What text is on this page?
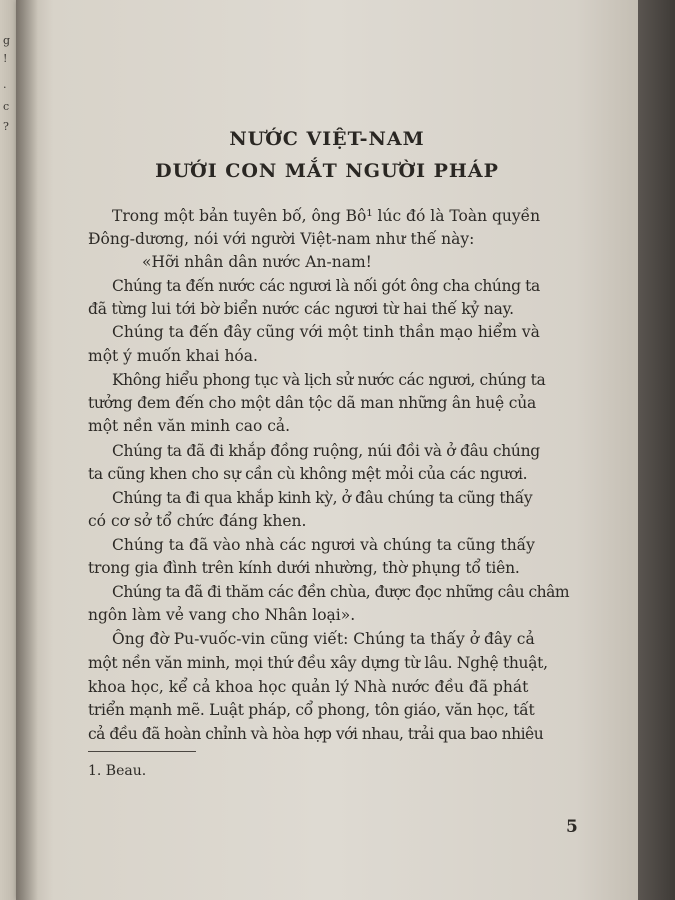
g
!
.
c
?
NƯỚC VIỆT-NAM
DƯỚI CON MẮT NGƯỜI PHÁP
Trong một bản tuyên bố, ông Bô¹ lúc đó là Toàn quyền
Đông-dương, nói với người Việt-nam như thế này:
«Hỡi nhân dân nước An-nam!
Chúng ta đến nước các ngươi là nối gót ông cha chúng ta
đã từng lui tới bờ biển nước các ngươi từ hai thế kỷ nay.
Chúng ta đến đây cũng với một tinh thần mạo hiểm và
một ý muốn khai hóa.
Không hiểu phong tục và lịch sử nước các ngươi, chúng ta
tưởng đem đến cho một dân tộc dã man những ân huệ của
một nền văn minh cao cả.
Chúng ta đã đi khắp đồng ruộng, núi đồi và ở đâu chúng
ta cũng khen cho sự cần cù không mệt mỏi của các ngươi.
Chúng ta đi qua khắp kinh kỳ, ở đâu chúng ta cũng thấy
có cơ sở tổ chức đáng khen.
Chúng ta đã vào nhà các ngươi và chúng ta cũng thấy
trong gia đình trên kính dưới nhường, thờ phụng tổ tiên.
Chúng ta đã đi thăm các đền chùa, được đọc những câu châm
ngôn làm vẻ vang cho Nhân loại».
Ông đờ Pu-vuốc-vin cũng viết: Chúng ta thấy ở đây cả
một nền văn minh, mọi thứ đều xây dựng từ lâu. Nghệ thuật,
khoa học, kể cả khoa học quản lý Nhà nước đều đã phát
triển mạnh mẽ. Luật pháp, cổ phong, tôn giáo, văn học, tất
cả đều đã hoàn chỉnh và hòa hợp với nhau, trải qua bao nhiêu
1. Beau.
5
